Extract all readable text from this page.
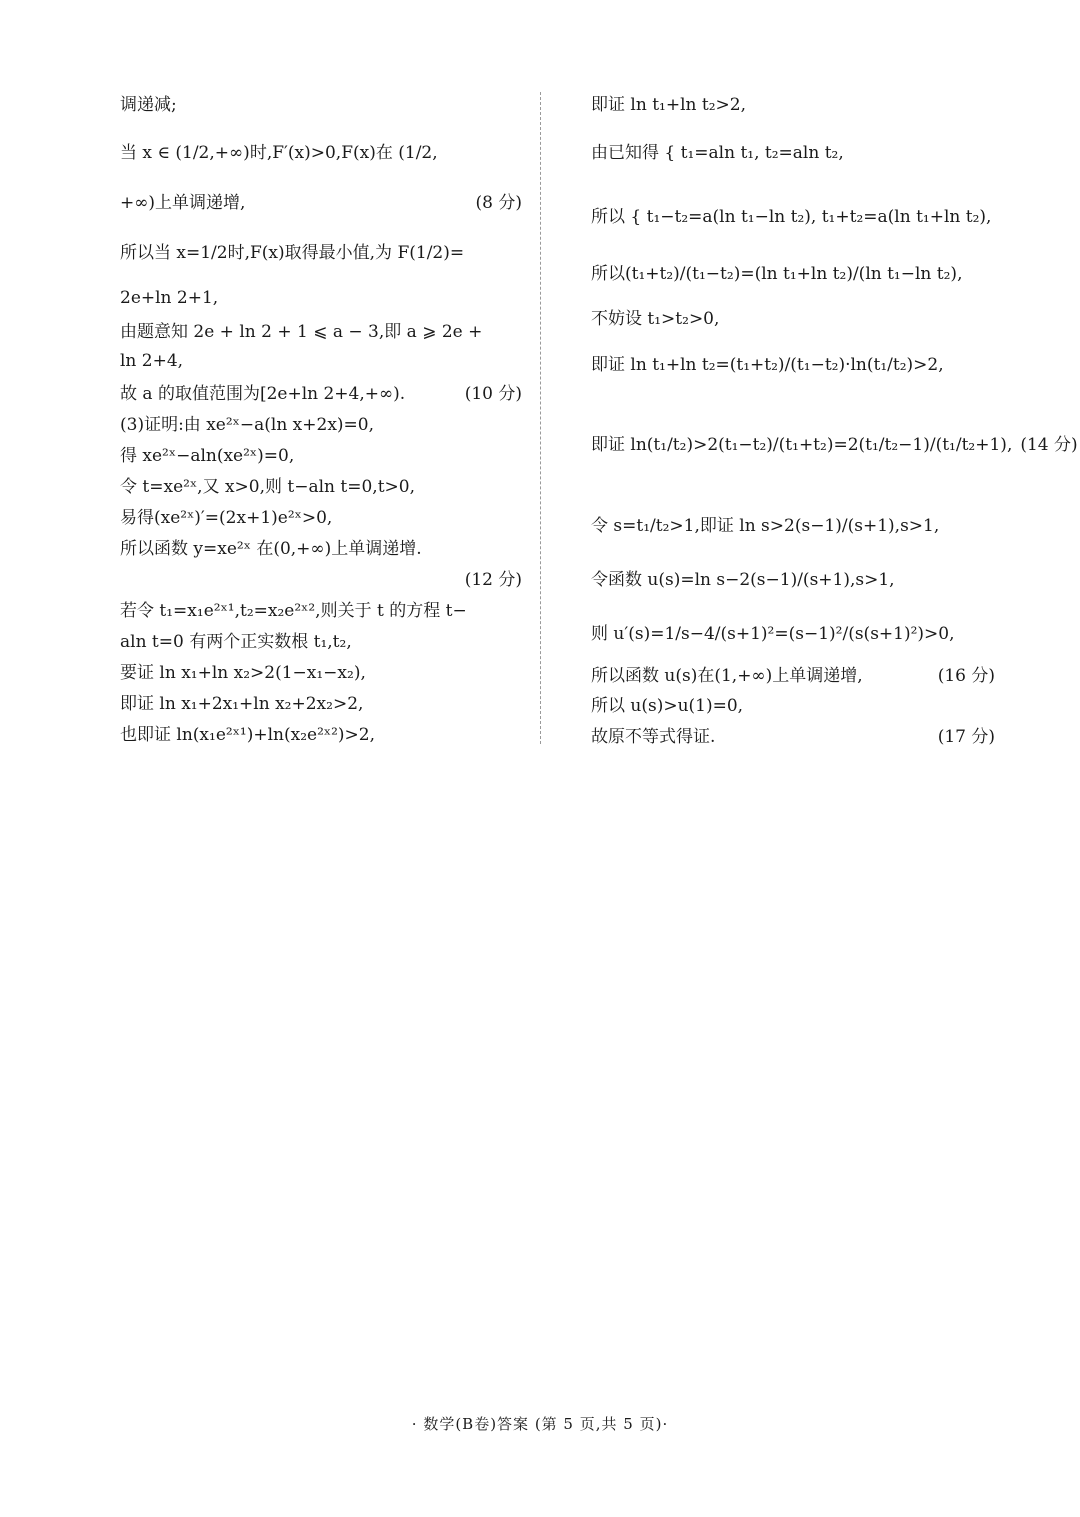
调递减;
当 x ∈ (1/2,+∞)时,F′(x)>0,F(x)在 (1/2,
+∞)上单调递增,	(8 分)
所以当 x=1/2时,F(x)取得最小值,为 F(1/2)=
2e+ln 2+1,
由题意知 2e + ln 2 + 1 ⩽ a − 3,即 a ⩾ 2e +
ln 2+4,
故 a 的取值范围为[2e+ln 2+4,+∞).	(10 分)
(3)证明:由 xe²ˣ−a(ln x+2x)=0,
得 xe²ˣ−aln(xe²ˣ)=0,
令 t=xe²ˣ,又 x>0,则 t−aln t=0,t>0,
易得(xe²ˣ)′=(2x+1)e²ˣ>0,
所以函数 y=xe²ˣ 在(0,+∞)上单调递增.
(12 分)
若令 t₁=x₁e²ˣ¹,t₂=x₂e²ˣ²,则关于 t 的方程 t−
aln t=0 有两个正实数根 t₁,t₂,
要证 ln x₁+ln x₂>2(1−x₁−x₂),
即证 ln x₁+2x₁+ln x₂+2x₂>2,
也即证 ln(x₁e²ˣ¹)+ln(x₂e²ˣ²)>2,
即证 ln t₁+ln t₂>2,
由已知得 { t₁=aln t₁, t₂=aln t₂,
所以 { t₁−t₂=a(ln t₁−ln t₂), t₁+t₂=a(ln t₁+ln t₂),
所以(t₁+t₂)/(t₁−t₂)=(ln t₁+ln t₂)/(ln t₁−ln t₂),
不妨设 t₁>t₂>0,
即证 ln t₁+ln t₂=(t₁+t₂)/(t₁−t₂)·ln(t₁/t₂)>2,
即证 ln(t₁/t₂)>2(t₁−t₂)/(t₁+t₂)=2(t₁/t₂−1)/(t₁/t₂+1), (14 分)
令 s=t₁/t₂>1,即证 ln s>2(s−1)/(s+1),s>1,
令函数 u(s)=ln s−2(s−1)/(s+1),s>1,
则 u′(s)=1/s−4/(s+1)²=(s−1)²/(s(s+1)²)>0,
所以函数 u(s)在(1,+∞)上单调递增,	(16 分)
所以 u(s)>u(1)=0,
故原不等式得证.	(17 分)
· 数学(B卷)答案 (第 5 页,共 5 页)·
